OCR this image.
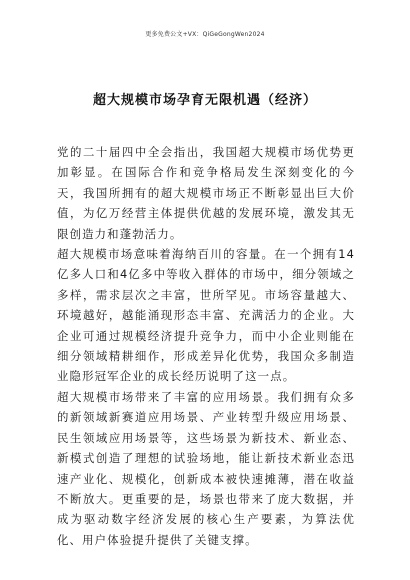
更多免费公文+VX：QiGeGongWen2024
超大规模市场孕育无限机遇（经济）

党的二十届四中全会指出，我国超大规模市场优势更加彰显。在国际合作和竞争格局发生深刻变化的今天，我国所拥有的超大规模市场正不断彰显出巨大价值，为亿万经营主体提供优越的发展环境，激发其无限创造力和蓬勃活力。

超大规模市场意味着海纳百川的容量。在一个拥有14亿多人口和4亿多中等收入群体的市场中，细分领域之多样，需求层次之丰富，世所罕见。市场容量越大、环境越好，越能涌现形态丰富、充满活力的企业。大企业可通过规模经济提升竞争力，而中小企业则能在细分领域精耕细作，形成差异化优势，我国众多制造业隐形冠军企业的成长经历说明了这一点。

超大规模市场带来了丰富的应用场景。我们拥有众多的新领域新赛道应用场景、产业转型升级应用场景、民生领域应用场景等，这些场景为新技术、新业态、新模式创造了理想的试验场地，能让新技术新业态迅速产业化、规模化，创新成本被快速摊薄，潜在收益不断放大。更重要的是，场景也带来了庞大数据，并成为驱动数字经济发展的核心生产要素，为算法优化、用户体验提升提供了关键支撑。
